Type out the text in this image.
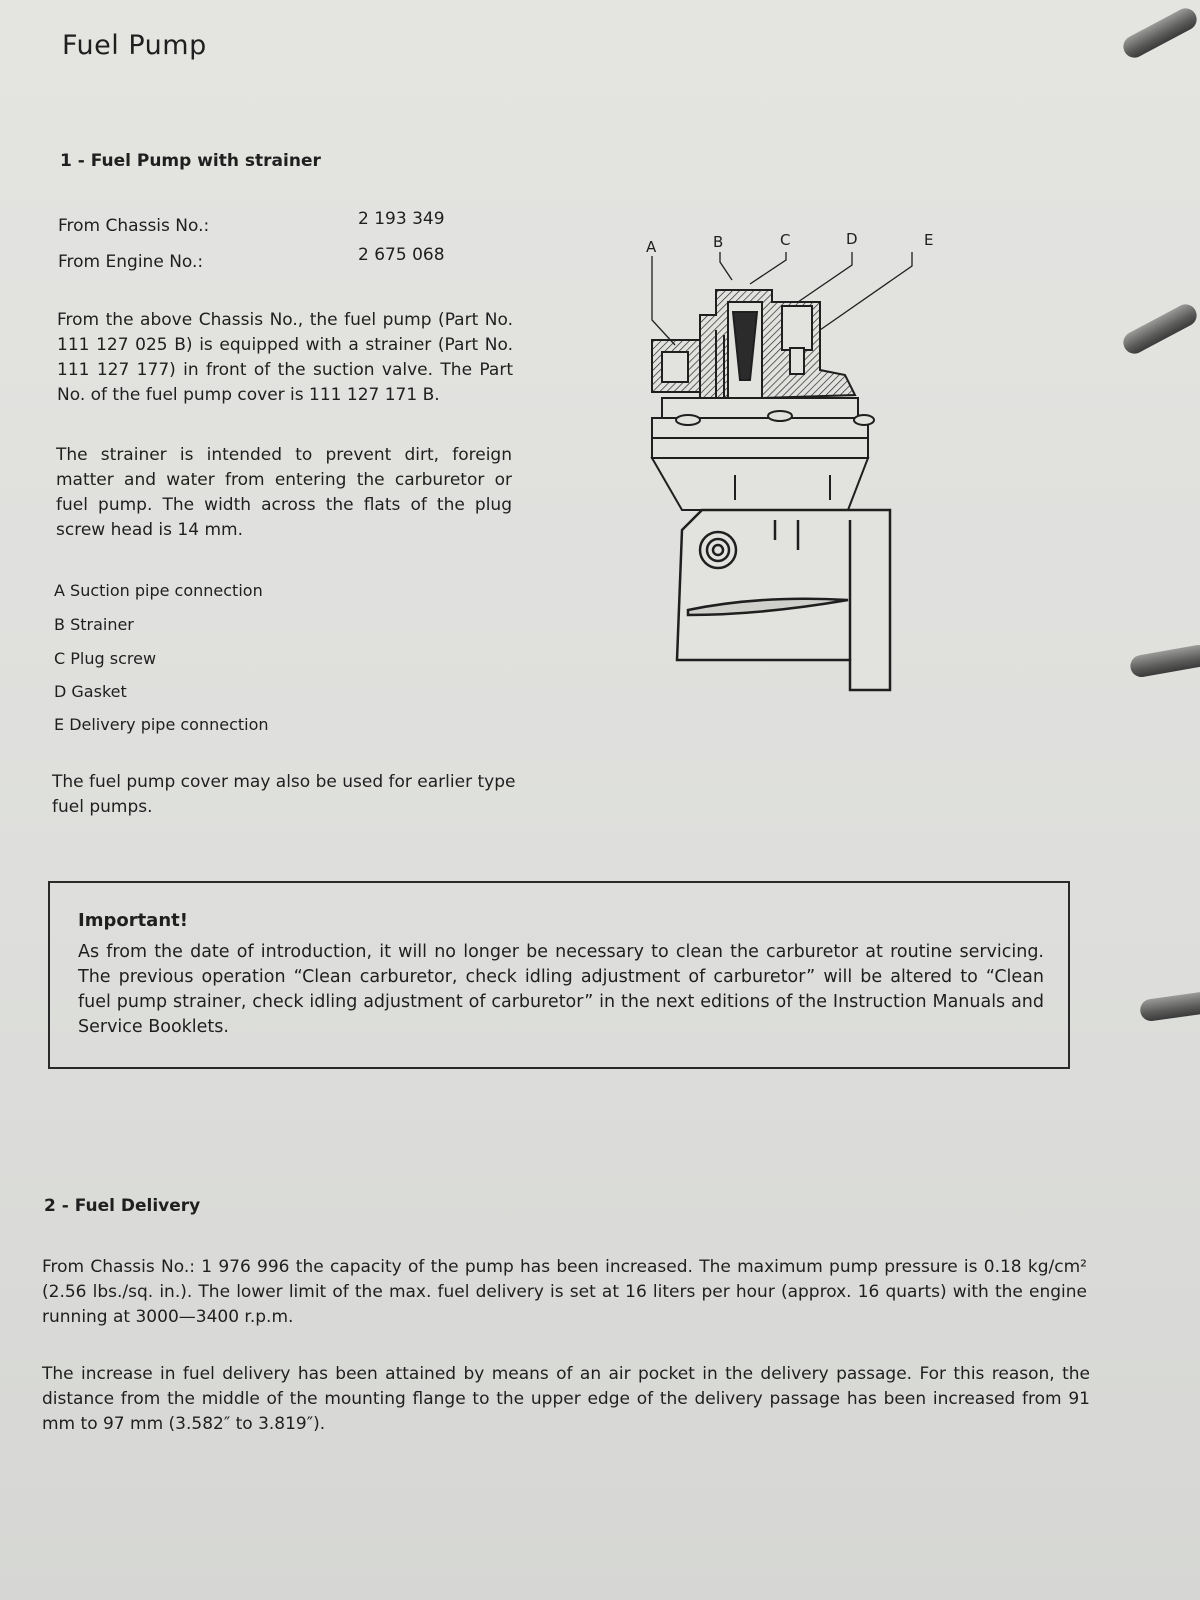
Fuel Pump
1 - Fuel Pump with strainer
From Chassis No.:	2 193 349
From Engine No.:	2 675 068
From the above Chassis No., the fuel pump (Part No. 111 127 025 B) is equipped with a strainer (Part No. 111 127 177) in front of the suction valve. The Part No. of the fuel pump cover is 111 127 171 B.
The strainer is intended to prevent dirt, foreign matter and water from entering the carburetor or fuel pump. The width across the flats of the plug screw head is 14 mm.
A Suction pipe connection
B Strainer
C Plug screw
D Gasket
E Delivery pipe connection
The fuel pump cover may also be used for earlier type fuel pumps.
A	B	C	D	E
Important!
As from the date of introduction, it will no longer be necessary to clean the carburetor at routine servicing. The previous operation “Clean carburetor, check idling adjustment of carburetor” will be altered to “Clean fuel pump strainer, check idling adjustment of carburetor” in the next editions of the Instruction Manuals and Service Booklets.
2 - Fuel Delivery
From Chassis No.: 1 976 996 the capacity of the pump has been increased. The maximum pump pressure is 0.18 kg/cm² (2.56 lbs./sq. in.). The lower limit of the max. fuel delivery is set at 16 liters per hour (approx. 16 quarts) with the engine running at 3000—3400 r.p.m.
The increase in fuel delivery has been attained by means of an air pocket in the delivery passage. For this reason, the distance from the middle of the mounting flange to the upper edge of the delivery passage has been increased from 91 mm to 97 mm (3.582″ to 3.819″).
